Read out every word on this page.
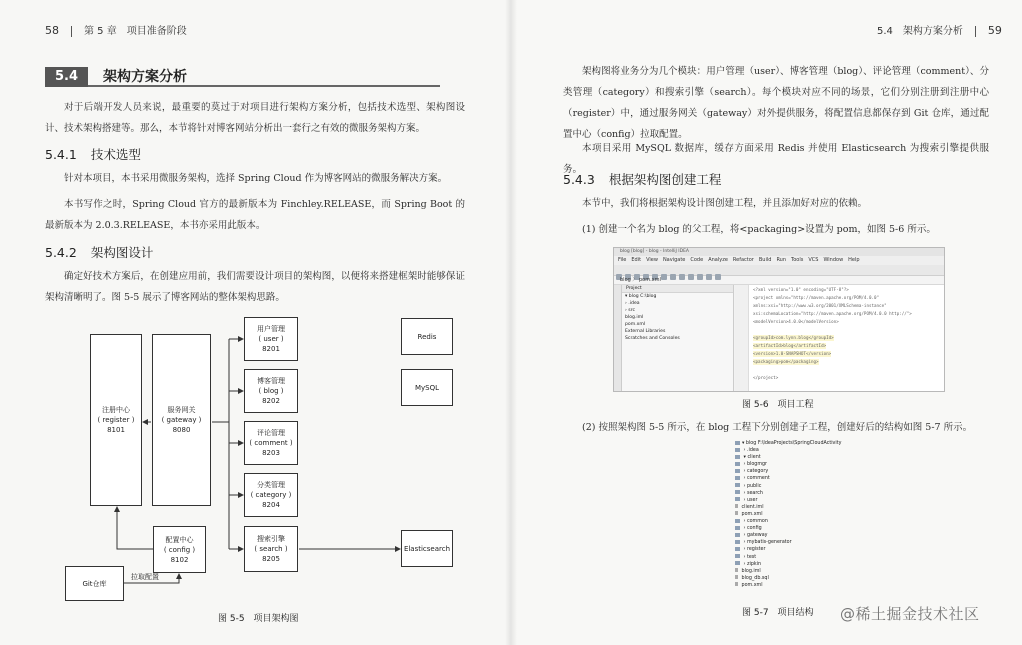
58	第 5 章　项目准备阶段
5.4	架构方案分析
对于后端开发人员来说，最重要的莫过于对项目进行架构方案分析，包括技术选型、架构图设计、技术架构搭建等。那么，本节将针对博客网站分析出一套行之有效的微服务架构方案。
5.4.1 技术选型
针对本项目，本书采用微服务架构，选择 Spring Cloud 作为博客网站的微服务解决方案。
本书写作之时，Spring Cloud 官方的最新版本为 Finchley.RELEASE，而 Spring Boot 的最新版本为 2.0.3.RELEASE，本书亦采用此版本。
5.4.2 架构图设计
确定好技术方案后，在创建应用前，我们需要设计项目的架构图，以便将来搭建框架时能够保证架构清晰明了。图 5-5 展示了博客网站的整体架构思路。
注册中心
( register )
8101
服务网关
( gateway )
8080
配置中心
( config )
8102
Git仓库
拉取配置
用户管理
( user )
8201
博客管理
( blog )
8202
评论管理
( comment )
8203
分类管理
( category )
8204
搜索引擎
( search )
8205
Redis
MySQL
Elasticsearch
图 5-5　项目架构图
5.4　架构方案分析 59
架构图将业务分为几个模块：用户管理（user）、博客管理（blog）、评论管理（comment）、分类管理（category）和搜索引擎（search）。每个模块对应不同的场景，它们分别注册到注册中心（register）中，通过服务网关（gateway）对外提供服务，将配置信息都保存到 Git 仓库，通过配置中心（config）拉取配置。
本项目采用 MySQL 数据库，缓存方面采用 Redis 并使用 Elasticsearch 为搜索引擎提供服务。
5.4.3 根据架构图创建工程
本节中，我们将根据架构设计图创建工程，并且添加好对应的依赖。
(1) 创建一个名为 blog 的父工程，将<packaging>设置为 pom，如图 5-6 所示。
图 5-6　项目工程
(2) 按照架构图 5-5 所示，在 blog 工程下分别创建子工程，创建好后的结构如图 5-7 所示。
图 5-7　项目结构
blog [blog] - blog - IntelliJ IDEA
File Edit View Navigate Code Analyze Refactor Build Run Tools VCS Window Help
blog 〉 pom.xml
Project
▾ blog C:\blog
› .idea
› src
blog.iml
pom.xml
External Libraries
Scratches and Consoles
<?xml version="1.0" encoding="UTF-8"?>
<project xmlns="http://maven.apache.org/POM/4.0.0"
xmlns:xsi="http://www.w3.org/2001/XMLSchema-instance"
xsi:schemaLocation="http://maven.apache.org/POM/4.0.0 http://">
<modelVersion>4.0.0</modelVersion>
<groupId>com.lynn.blog</groupId>
<artifactId>blog</artifactId>
<version>1.0-SNAPSHOT</version>
<packaging>pom</packaging>
</project>
▾ blog F:\IdeaProjects\SpringCloudActivity
› .idea
▾ client
› blogmgr
› category
› comment
› public
› search
› user
client.iml
pom.xml
› common
› config
› gateway
› mybatis-generator
› register
› test
› zipkin
blog.iml
blog_db.sql
pom.xml
@稀土掘金技术社区
